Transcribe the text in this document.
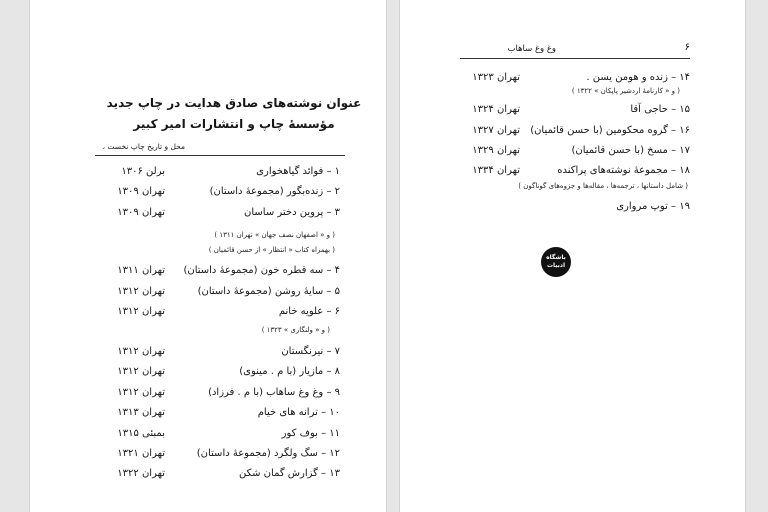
عنوان نوشته‌های صادق هدایت در چاپ جدید
مؤسسهٔ چاپ و انتشارات امیر کبیر
محل و تاریخ چاپ نخست ،
۱ – فوائد گیاهخواری
برلن ۱۳۰۶
۲ – زنده‌بگور (مجموعهٔ داستان)
تهران ۱۳۰۹
۳ – پروین دختر ساسان
تهران ۱۳۰۹
( و « اصفهان نصف جهان » تهران ۱۳۱۱ )
( بهمراه کتاب « انتظار » از حسن قائمیان )
۴ – سه قطره خون (مجموعهٔ داستان)
تهران ۱۳۱۱
۵ – سایهٔ روشن (مجموعهٔ داستان)
تهران ۱۳۱۲
۶ – علویه خانم
تهران ۱۳۱۲
( و « ولنگاری » ۱۳۲۳ )
۷ – نیرنگستان
تهران ۱۳۱۲
۸ – مازیار (با م . مینوی)
تهران ۱۳۱۲
۹ – وغ وغ ساهاب (با م . فرزاد)
تهران ۱۳۱۲
۱۰ – ترانه های خیام
تهران ۱۳۱۳
۱۱ – بوف کور
بمبئی ۱۳۱۵
۱۲ – سگ ولگرد (مجموعهٔ داستان)
تهران ۱۳۲۱
۱۳ – گزارش گمان شکن
تهران ۱۳۲۲
۶
وغ وغ ساهاب
۱۴ – زنده و هومن یسن .
تهران ۱۳۲۳
( و « کارنامهٔ اردشیر پاپکان » ۱۳۲۲ )
۱۵ – حاجی آقا
تهران ۱۳۲۴
۱۶ – گروه محکومین (با حسن قائمیان)
تهران ۱۳۲۷
۱۷ – مسخ (با حسن قائمیان)
تهران ۱۳۲۹
۱۸ – مجموعهٔ نوشته‌های پراکنده
تهران ۱۳۳۴
( شامل داستانها ، ترجمه‌ها ، مقاله‌ها و جزوه‌های گوناگون )
۱۹ – توپ مرواری
باشگاه
ادبیات
